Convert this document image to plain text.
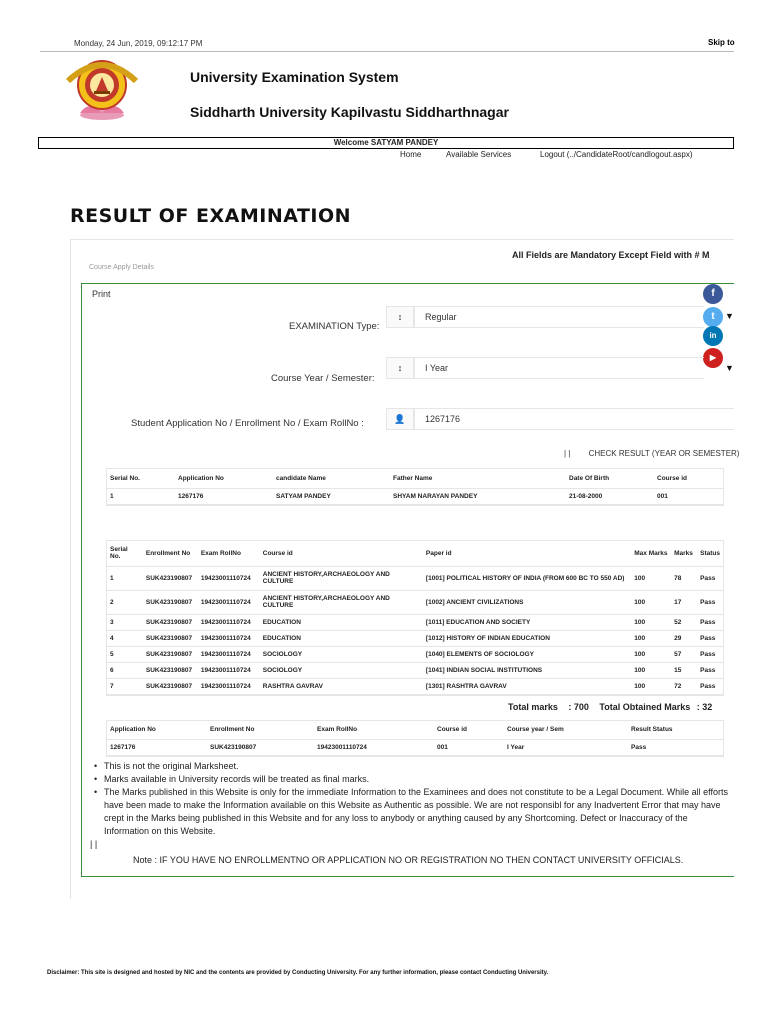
Monday, 24 Jun, 2019, 09:12:17 PM	Skip to
University Examination System
Siddharth University Kapilvastu Siddharthnagar
Welcome SATYAM PANDEY
Home	Available Services	Logout (../CandidateRoot/candlogout.aspx)
RESULT OF EXAMINATION
All Fields are Mandatory Except Field with # M
Course Apply Details
Print	f
t	▼
in
▶
▼
EXAMINATION Type:
↕	Regular
Course Year / Semester:
↕	I Year
Student Application No / Enrollment No / Exam RollNo :	👤	1267176
| | CHECK RESULT (YEAR OR SEMESTER)
Serial No.	Application No	candidate Name	Father Name	Date Of Birth	Course id
1	1267176	SATYAM PANDEY	SHYAM NARAYAN PANDEY	21-08-2000	001
Serial No.	Enrollment No	Exam RollNo	Course id	Paper id	Max Marks	Marks	Status
1	SUK423190807	19423001110724	ANCIENT HISTORY,ARCHAEOLOGY AND CULTURE	[1001] POLITICAL HISTORY OF INDIA (FROM 600 BC TO 550 AD)	100	78	Pass
2	SUK423190807	19423001110724	ANCIENT HISTORY,ARCHAEOLOGY AND CULTURE	[1002] ANCIENT CIVILIZATIONS	100	17	Pass
3	SUK423190807	19423001110724	EDUCATION	[1011] EDUCATION AND SOCIETY	100	52	Pass
4	SUK423190807	19423001110724	EDUCATION	[1012] HISTORY OF INDIAN EDUCATION	100	29	Pass
5	SUK423190807	19423001110724	SOCIOLOGY	[1040] ELEMENTS OF SOCIOLOGY	100	57	Pass
6	SUK423190807	19423001110724	SOCIOLOGY	[1041] INDIAN SOCIAL INSTITUTIONS	100	15	Pass
7	SUK423190807	19423001110724	RASHTRA GAVRAV	[1301] RASHTRA GAVRAV	100	72	Pass
Total marks : 700 Total Obtained Marks : 32
Application No	Enrollment No	Exam RollNo	Course id	Course year / Sem	Result Status
1267176	SUK423190807	19423001110724	001	I Year	Pass
• This is not the original Marksheet.
• Marks available in University records will be treated as final marks.
• The Marks published in this Website is only for the immediate Information to the Examinees and does not constitute to be a Legal Document. While all efforts have been made to make the Information available on this Website as Authentic as possible. We are not responsibl for any Inadvertent Error that may have crept in the Marks being published in this Website and for any loss to anybody or anything caused by any Shortcoming. Defect or Inaccuracy of the Information on this Website.
| |
Note : IF YOU HAVE NO ENROLLMENTNO OR APPLICATION NO OR REGISTRATION NO THEN CONTACT UNIVERSITY OFFICIALS.
Disclaimer: This site is designed and hosted by NIC and the contents are provided by Conducting University. For any further information, please contact Conducting University.
